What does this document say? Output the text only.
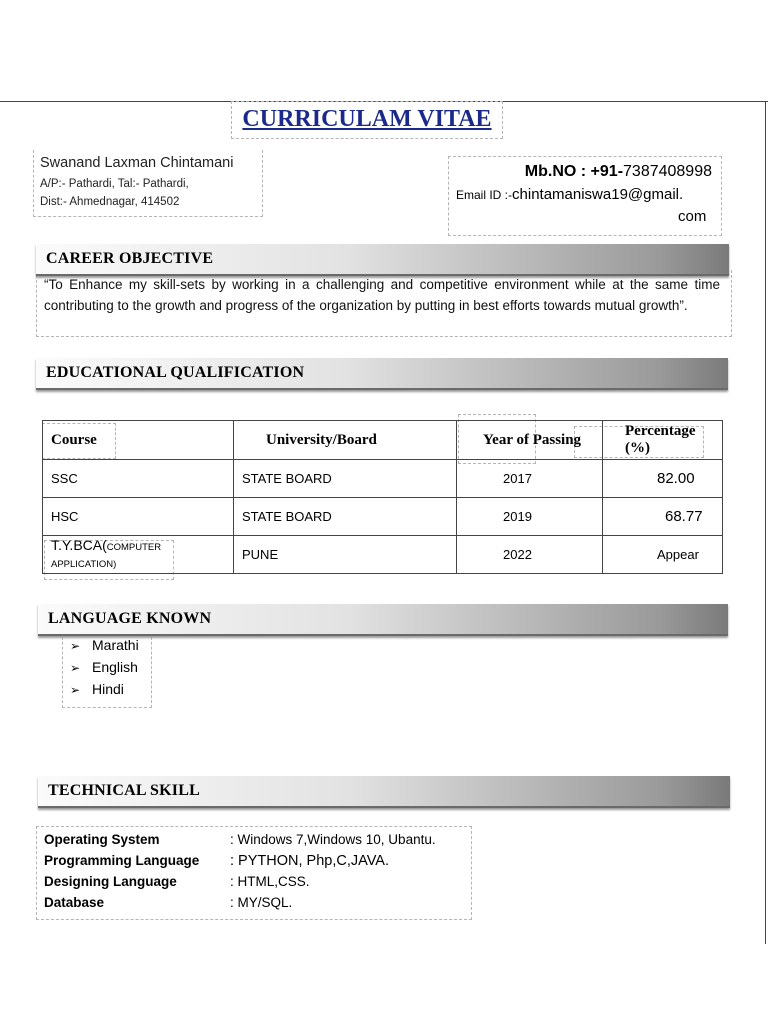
CURRICULAM VITAE
Swanand Laxman Chintamani
A/P:- Pathardi, Tal:- Pathardi,
Dist:- Ahmednagar, 414502
Mb.NO : +91-7387408998
Email ID :-chintamaniswa19@gmail.
com
CAREER OBJECTIVE
“To Enhance my skill-sets by working in a challenging and competitive environment while at the same time contributing to the growth and progress of the organization by putting in best efforts towards mutual growth”.
EDUCATIONAL QUALIFICATION
Course	University/Board	Year of Passing	Percentage (%)
SSC	STATE BOARD	2017	82.00
HSC	STATE BOARD	2019	68.77
T.Y.BCA(COMPUTER
APPLICATION)	PUNE	2022	Appear
LANGUAGE KNOWN
➢ Marathi
➢ English
➢ Hindi
TECHNICAL SKILL
Operating System	: Windows 7,Windows 10, Ubantu.
Programming Language : PYTHON, Php,C,JAVA.
Designing Language	: HTML,CSS.
Database	: MY/SQL.
